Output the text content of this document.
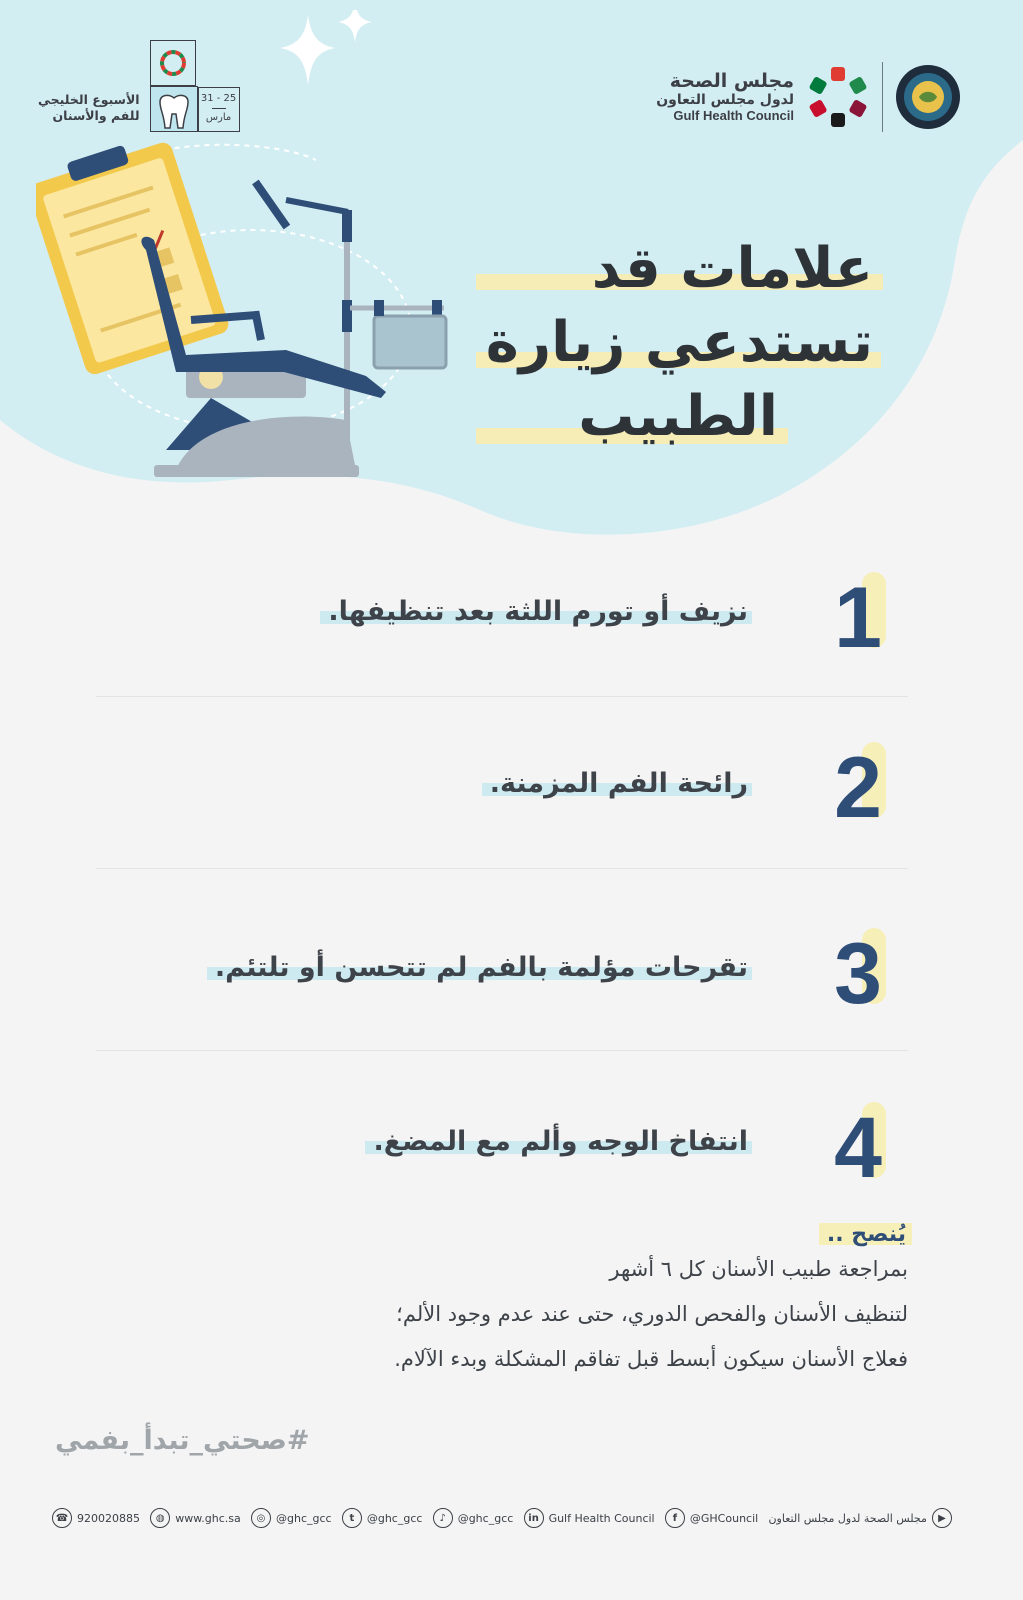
الأسبوع الخليجي
للفم والأسنان
31 - 25
مارس
مجلس الصحة
لدول مجلس التعاون
Gulf Health Council
علامات قد
تستدعي زيارة
الطبيب
1
نزيف أو تورم اللثة بعد تنظيفها.
2
رائحة الفم المزمنة.
3
تقرحات مؤلمة بالفم لم تتحسن أو تلتئم.
4
انتفاخ الوجه وألم مع المضغ.
يُنصح ..
بمراجعة طبيب الأسنان كل ٦ أشهر
لتنظيف الأسنان والفحص الدوري، حتى عند عدم وجود الألم؛
فعلاج الأسنان سيكون أبسط قبل تفاقم المشكلة وبدء الآلام.
#صحتي_تبدأ_بفمي
☎ 920020885	◍ www.ghc.sa	◎ @ghc_gcc	t	@ghc_gcc	♪	@ghc_gcc	in Gulf Health Council	f	@GHCouncil	▶
مجلس الصحة لدول مجلس التعاون
